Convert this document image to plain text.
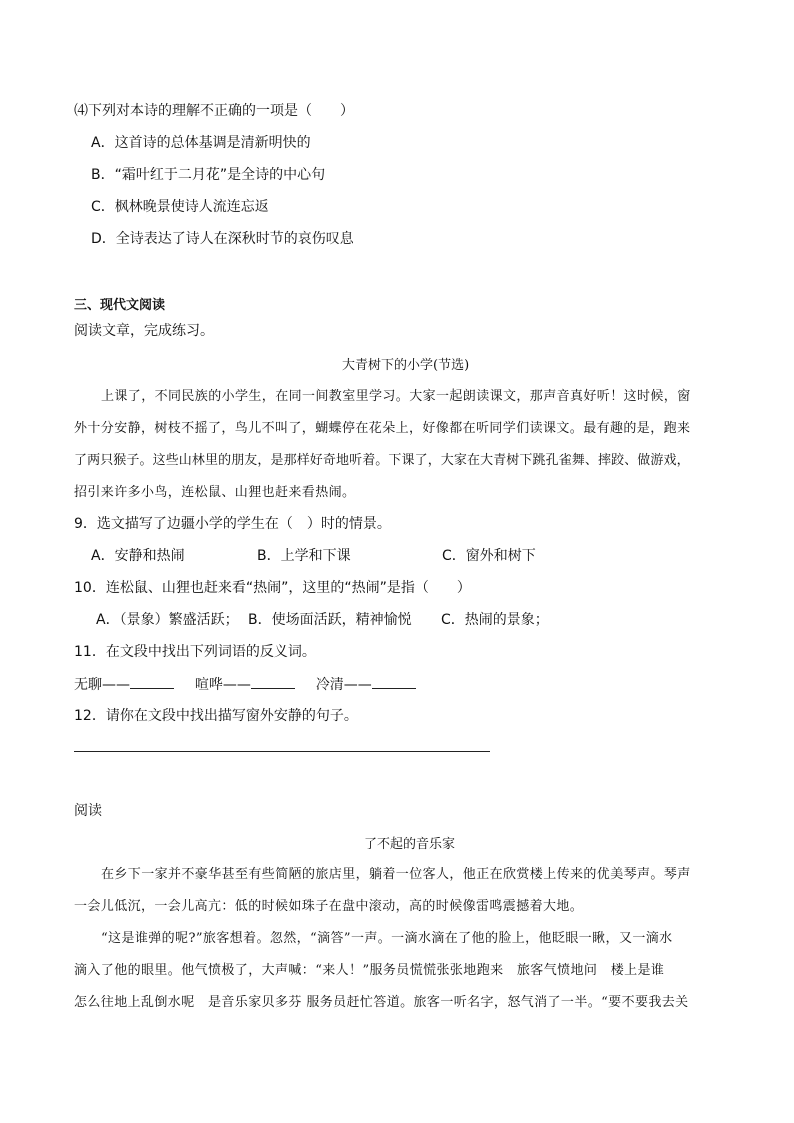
⑷下列对本诗的理解不正确的一项是（　　）
A．这首诗的总体基调是清新明快的
B．“霜叶红于二月花”是全诗的中心句
C．枫林晚景使诗人流连忘返
D．全诗表达了诗人在深秋时节的哀伤叹息
三、现代文阅读
阅读文章，完成练习。
大青树下的小学(节选)
上课了，不同民族的小学生，在同一间教室里学习。大家一起朗读课文，那声音真好听！这时候，窗
外十分安静，树枝不摇了，鸟儿不叫了，蝴蝶停在花朵上，好像都在听同学们读课文。最有趣的是，跑来
了两只猴子。这些山林里的朋友，是那样好奇地听着。下课了，大家在大青树下跳孔雀舞、摔跤、做游戏，
招引来许多小鸟，连松鼠、山狸也赶来看热闹。
9．选文描写了边疆小学的学生在（　）时的情景。
A．安静和热闹	B．上学和下课	C．窗外和树下
10．连松鼠、山狸也赶来看“热闹”，这里的“热闹”是指（　　）
A．（景象）繁盛活跃； B．使场面活跃，精神愉悦 C．热闹的景象；
11．在文段中找出下列词语的反义词。
无聊——	喧哗——	冷清——
12．请你在文段中找出描写窗外安静的句子。
阅读
了不起的音乐家
在乡下一家并不豪华甚至有些简陋的旅店里，躺着一位客人，他正在欣赏楼上传来的优美琴声。琴声
一会儿低沉，一会儿高亢：低的时候如珠子在盘中滚动，高的时候像雷鸣震撼着大地。
“这是谁弹的呢?”旅客想着。忽然，“滴答”一声。一滴水滴在了他的脸上，他眨眼一瞅，又一滴水
滴入了他的眼里。他气愤极了，大声喊：“来人！”服务员慌慌张张地跑来　旅客气愤地问　楼上是谁
怎么往地上乱倒水呢　是音乐家贝多芬 服务员赶忙答道。旅客一听名字，怒气消了一半。“要不要我去关
